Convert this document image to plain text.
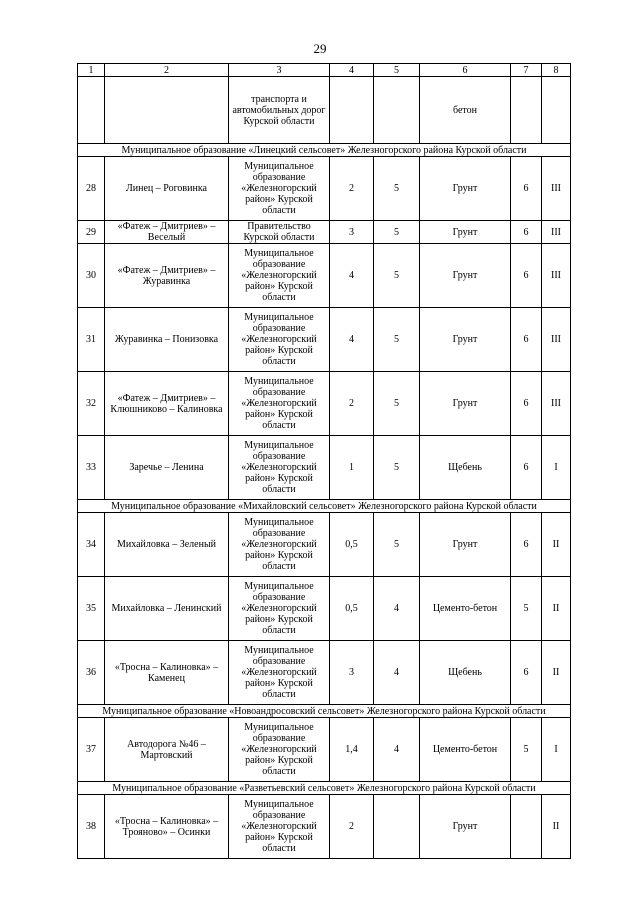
29
1	2	3	4	5	6	7	8
		транспорта и автомобильных дорог Курской области			бетон		
Муниципальное образование «Линецкий сельсовет» Железногорского района Курской области							
28	Линец – Роговинка	Муниципальное образование «Железногорский район» Курской области	2	5	Грунт	6	III
29	«Фатеж – Дмитриев» – Веселый	Правительство Курской области	3	5	Грунт	6	III
30	«Фатеж – Дмитриев» – Журавинка	Муниципальное образование «Железногорский район» Курской области	4	5	Грунт	6	III
31	Журавинка – Понизовка	Муниципальное образование «Железногорский район» Курской области	4	5	Грунт	6	III
32	«Фатеж – Дмитриев» – Клюшниково – Калиновка	Муниципальное образование «Железногорский район» Курской области	2	5	Грунт	6	III
33	Заречье – Ленина	Муниципальное образование «Железногорский район» Курской области	1	5	Щебень	6	I
Муниципальное образование «Михайловский сельсовет» Железногорского района Курской области							
34	Михайловка – Зеленый	Муниципальное образование «Железногорский район» Курской области	0,5	5	Грунт	6	II
35	Михайловка – Ленинский	Муниципальное образование «Железногорский район» Курской области	0,5	4	Цементо-бетон	5	II
36	«Тросна – Калиновка» – Каменец	Муниципальное образование «Железногорский район» Курской области	3	4	Щебень	6	II
Муниципальное образование «Новоандросовский сельсовет» Железногорского района Курской области							
37	Автодорога №46 – Мартовский	Муниципальное образование «Железногорский район» Курской области	1,4	4	Цементо-бетон	5	I
Муниципальное образование «Разветьевский сельсовет» Железногорского района Курской области							
38	«Тросна – Калиновка» – Трояново» – Осинки	Муниципальное образование «Железногорский район» Курской области	2		Грунт		II
